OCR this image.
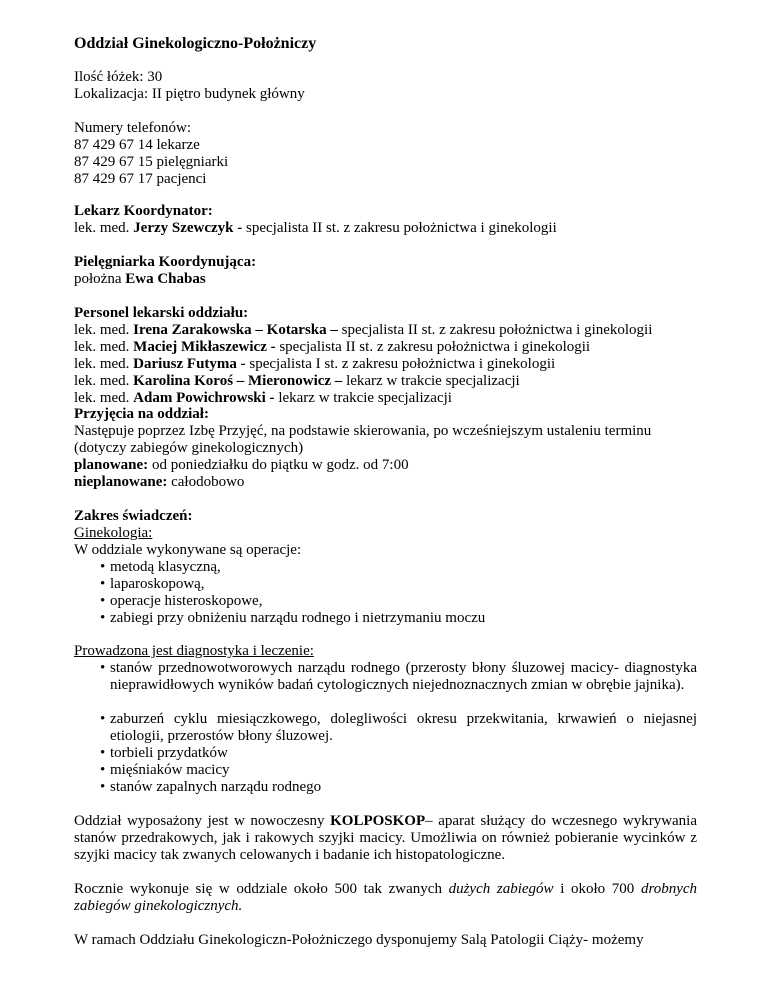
Oddział Ginekologiczno-Położniczy
Ilość łóżek: 30
Lokalizacja: II piętro budynek główny
Numery telefonów:
87 429 67 14 lekarze
87 429 67 15 pielęgniarki
87 429 67 17 pacjenci
Lekarz Koordynator:
lek. med. Jerzy Szewczyk - specjalista II st. z zakresu położnictwa i ginekologii
Pielęgniarka Koordynująca:
położna Ewa Chabas
Personel lekarski oddziału:
lek. med. Irena Zarakowska – Kotarska – specjalista II st. z zakresu położnictwa i ginekologii
lek. med. Maciej Mikłaszewicz - specjalista II st. z zakresu położnictwa i ginekologii
lek. med. Dariusz Futyma - specjalista I st. z zakresu położnictwa i ginekologii
lek. med. Karolina Koroś – Mieronowicz – lekarz w trakcie specjalizacji
lek. med. Adam Powichrowski - lekarz w trakcie specjalizacji
Przyjęcia na oddział:
Następuje poprzez Izbę Przyjęć, na podstawie skierowania, po wcześniejszym ustaleniu terminu
(dotyczy zabiegów ginekologicznych)
planowane: od poniedziałku do piątku w godz. od 7:00
nieplanowane: całodobowo
Zakres świadczeń:
Ginekologia:
W oddziale wykonywane są operacje:
• metodą klasyczną,
• laparoskopową,
• operacje histeroskopowe,
• zabiegi przy obniżeniu narządu rodnego i nietrzymaniu moczu
Prowadzona jest diagnostyka i leczenie:
• stanów przednowotworowych narządu rodnego (przerosty błony śluzowej macicy- diagnostyka nieprawidłowych wyników badań cytologicznych niejednoznacznych zmian w obrębie jajnika).
• zaburzeń cyklu miesiączkowego, dolegliwości okresu przekwitania, krwawień o niejasnej etiologii, przerostów błony śluzowej.
• torbieli przydatków
• mięśniaków macicy
• stanów zapalnych narządu rodnego
Oddział wyposażony jest w nowoczesny KOLPOSKOP– aparat służący do wczesnego wykrywania stanów przedrakowych, jak i rakowych szyjki macicy. Umożliwia on również pobieranie wycinków z szyjki macicy tak zwanych celowanych i badanie ich histopatologiczne.
Rocznie wykonuje się w oddziale około 500 tak zwanych dużych zabiegów i około 700 drobnych zabiegów ginekologicznych.
W ramach Oddziału Ginekologiczn-Położniczego dysponujemy Salą Patologii Ciąży- możemy
